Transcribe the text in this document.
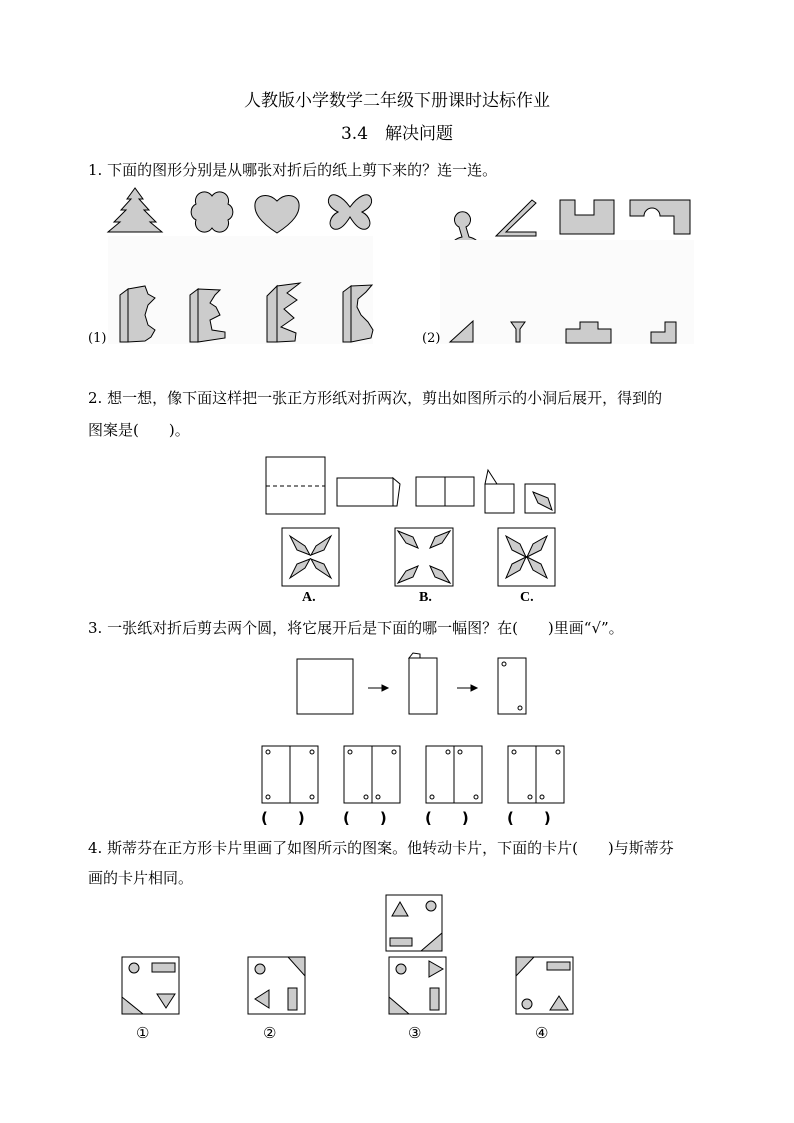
人教版小学数学二年级下册课时达标作业
3.4　解决问题
1. 下面的图形分别是从哪张对折后的纸上剪下来的？连一连。
(1)	(2)
2. 想一想，像下面这样把一张正方形纸对折两次，剪出如图所示的小洞后展开，得到的
图案是(　　)。
A.	B.	C.
3. 一张纸对折后剪去两个圆，将它展开后是下面的哪一幅图？在(　　)里画“√”。
(　　)	(　　)	(　　)	(　　)
4. 斯蒂芬在正方形卡片里画了如图所示的图案。他转动卡片，下面的卡片(　　)与斯蒂芬
画的卡片相同。
①	②	③	④
